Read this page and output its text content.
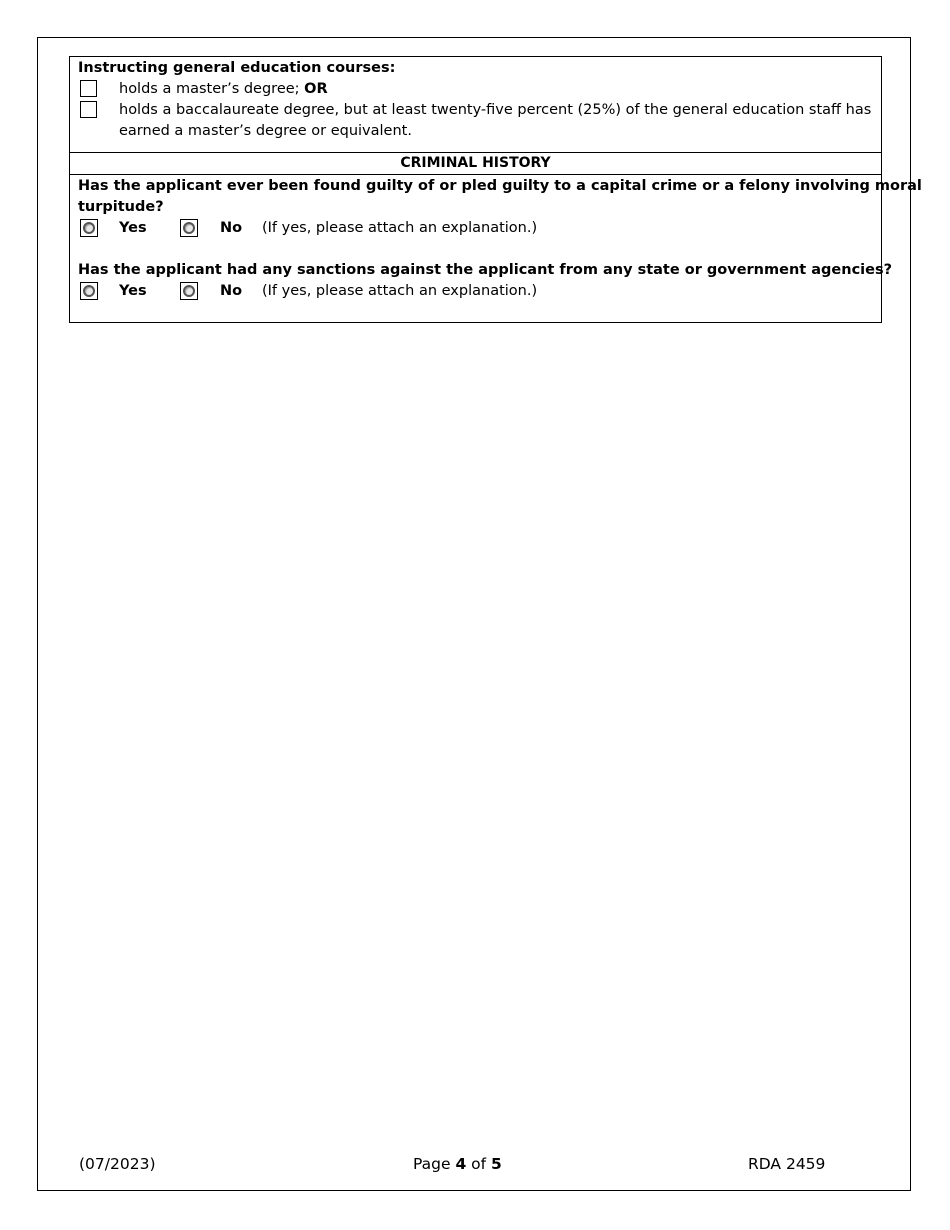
Instructing general education courses:
holds a master’s degree; OR
holds a baccalaureate degree, but at least twenty-five percent (25%) of the general education staff has
earned a master’s degree or equivalent.
CRIMINAL HISTORY
Has the applicant ever been found guilty of or pled guilty to a capital crime or a felony involving moral
turpitude?
Yes	No (If yes, please attach an explanation.)
Has the applicant had any sanctions against the applicant from any state or government agencies?
Yes	No (If yes, please attach an explanation.)
(07/2023)	Page 4 of 5	RDA 2459
